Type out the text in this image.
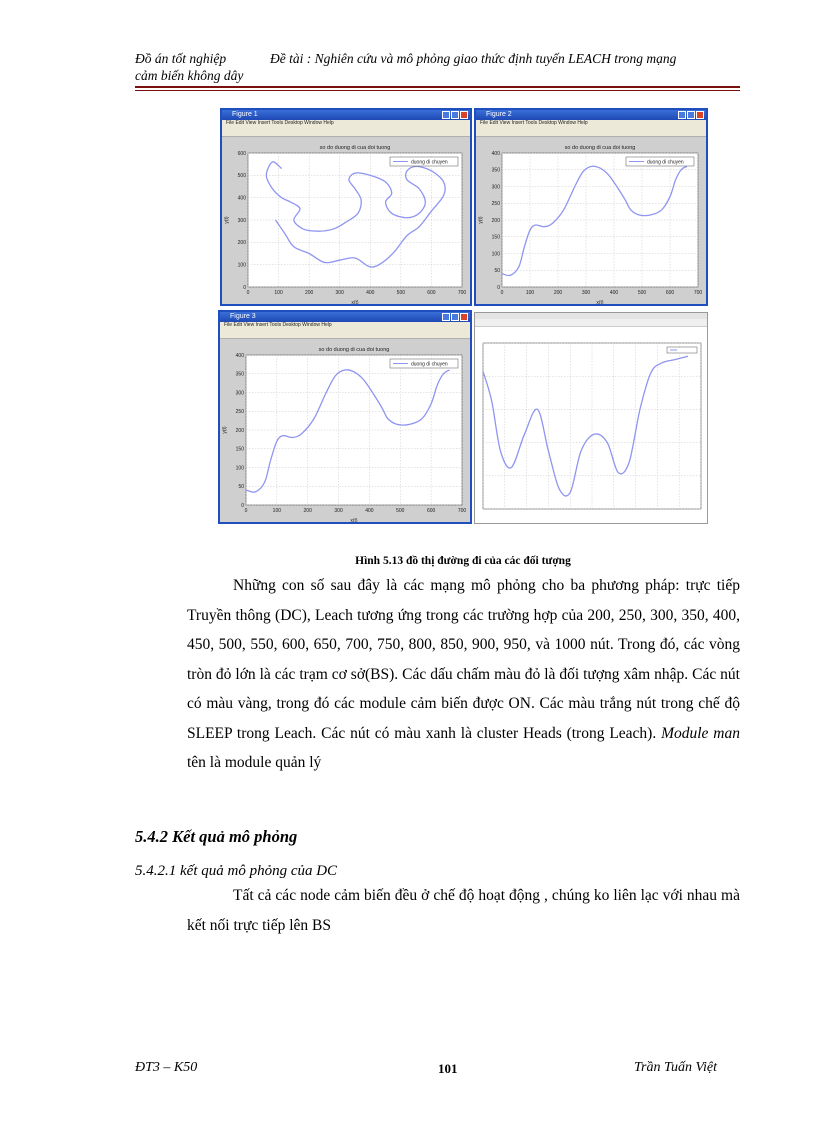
Đồ án tốt nghiệp	Đề tài : Nghiên cứu và mô phỏng giao thức định tuyến LEACH trong mạng
cảm biến không dây
Figure 1
File Edit View Insert Tools Desktop Window Help
0	100	200	300	400	500	600	700
0
100
200
300
400
500
600
so do duong di cua doi tuong
x(t)
y(t)
duong di chuyen
Figure 2
File Edit View Insert Tools Desktop Window Help
0	100	200	300	400	500	600	700
0
50
100
150
200
250
300
350
400
so do duong di cua doi tuong
x(t)
y(t)
duong di chuyen
Figure 3
File Edit View Insert Tools Desktop Window Help
0	100	200	300	400	500	600	700
0
50
100
150
200
250
300
350
400
so do duong di cua doi tuong
x(t)
y(t)
duong di chuyen
Hình 5.13 đồ thị đường đi của các đối tượng
Những con số sau đây là các mạng mô phỏng cho ba phương pháp: trực tiếp Truyền thông (DC), Leach tương ứng trong các trường hợp của 200, 250, 300, 350, 400, 450, 500, 550, 600, 650, 700, 750, 800, 850, 900, 950, và 1000 nút. Trong đó, các vòng tròn đỏ lớn là các trạm cơ sở(BS). Các dấu chấm màu đỏ là đối tượng xâm nhập. Các nút có màu vàng, trong đó các module cảm biến được ON. Các màu trắng nút trong chế độ SLEEP trong Leach. Các nút có màu xanh là cluster Heads (trong Leach). Module man tên là module quản lý
5.4.2 Kết quả mô phỏng
5.4.2.1 kết quả mô phỏng của DC
Tất cả các node cảm biến đều ở chế độ hoạt động , chúng ko liên lạc với nhau mà kết nối trực tiếp lên BS
ĐT3 – K50	101	Trần Tuấn Việt
